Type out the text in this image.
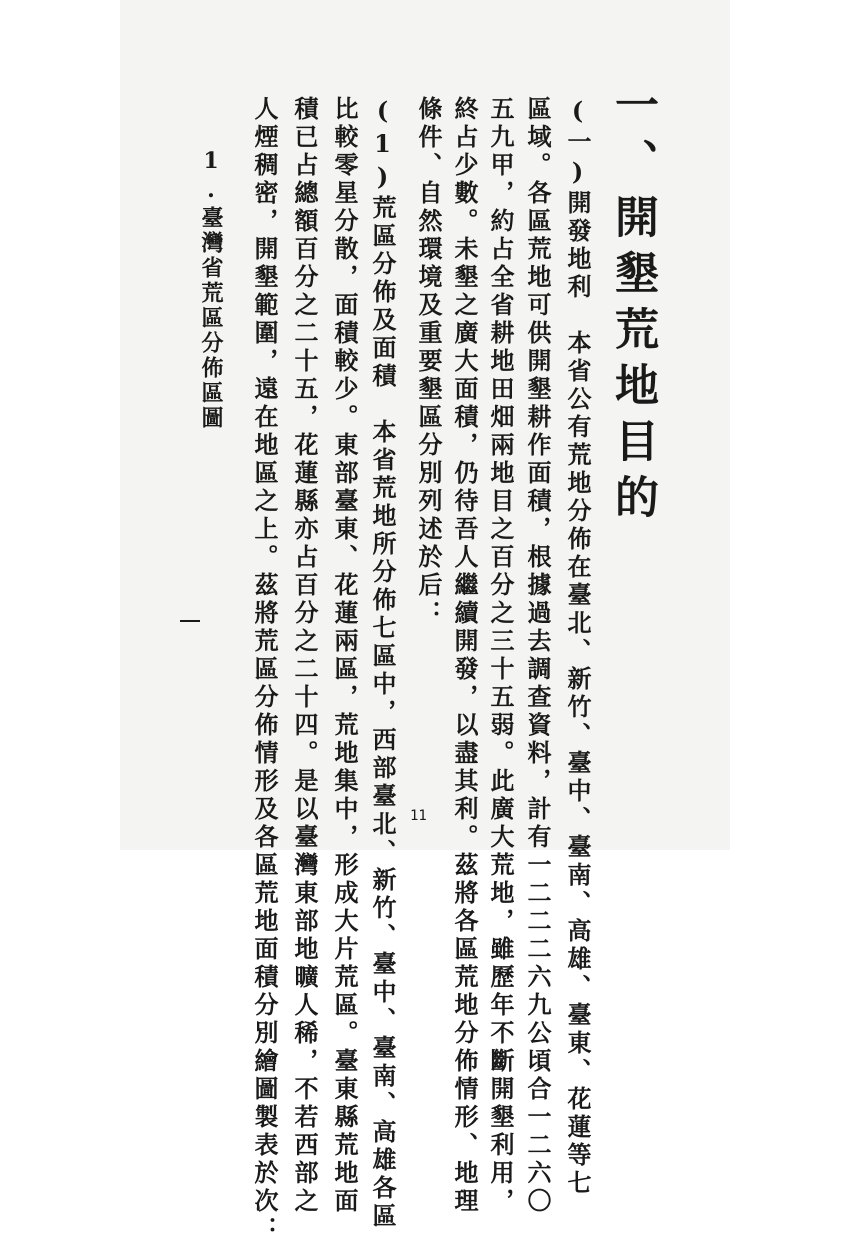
一、開墾荒地目的
(一)開發地利　本省公有荒地分佈在臺北、新竹、臺中、臺南、高雄、臺東、花蓮等七
區域。各區荒地可供開墾耕作面積，根據過去調查資料，計有一二二二六九公頃合一二六〇
五九甲，約占全省耕地田畑兩地目之百分之三十五弱。此廣大荒地，雖歷年不斷開墾利用，
終占少數。未墾之廣大面積，仍待吾人繼續開發，以盡其利。茲將各區荒地分佈情形、地理
條件、自然環境及重要墾區分別列述於后：
(1)荒區分佈及面積　本省荒地所分佈七區中，西部臺北、新竹、臺中、臺南、高雄各區
比較零星分散，面積較少。東部臺東、花蓮兩區，荒地集中，形成大片荒區。臺東縣荒地面
積已占總額百分之二十五，花蓮縣亦占百分之二十四。是以臺灣東部地曠人稀，不若西部之
人煙稠密，開墾範圍，遠在地區之上。茲將荒區分佈情形及各區荒地面積分別繪圖製表於次：
1.臺灣省荒區分佈區圖
11
